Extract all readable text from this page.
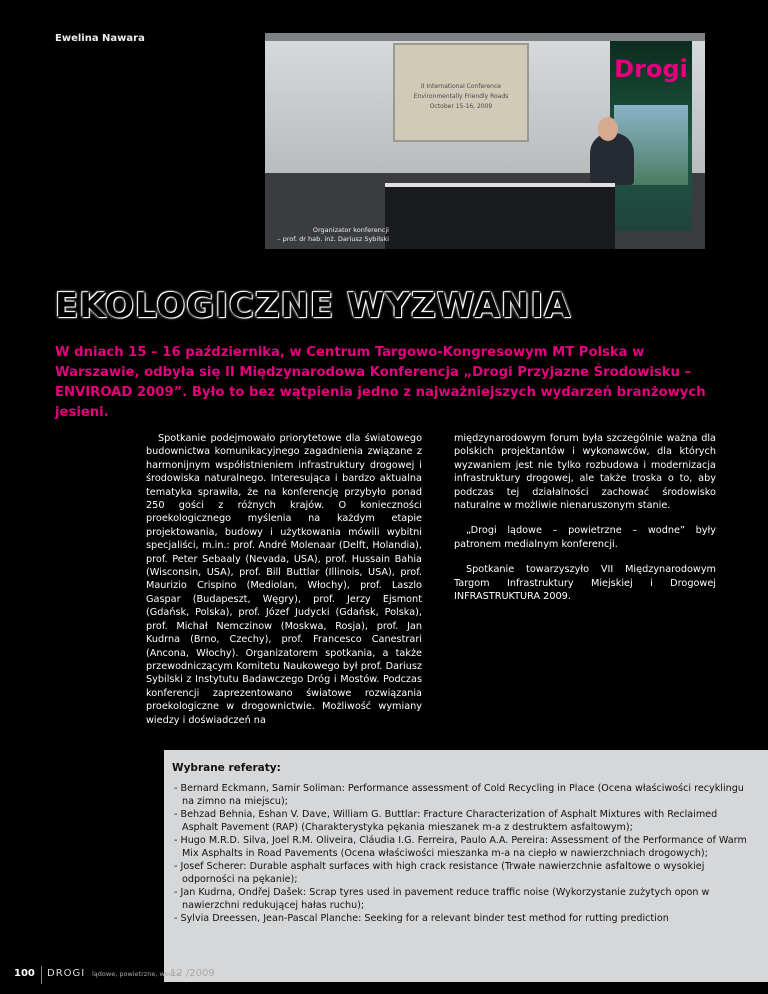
Ewelina Nawara
II International Conference
Environmentally Friendly Roads
October 15-16, 2009
Drogi
Organizator konferencji
– prof. dr hab. inż. Dariusz Sybilski
EKOLOGICZNE WYZWANIA

W dniach 15 – 16 października, w Centrum Targowo-Kongresowym MT Polska w Warszawie, odbyła się II Międzynarodowa Konferencja „Drogi Przyjazne Środowisku – ENVIROAD 2009”. Było to bez wątpienia jedno z najważniejszych wydarzeń branżowych jesieni.

Spotkanie podejmowało priorytetowe dla światowego budownictwa komunikacyjnego zagadnienia związane z harmonijnym współistnieniem infrastruktury drogowej i środowiska naturalnego. Interesująca i bardzo aktualna tematyka sprawiła, że na konferencję przybyło ponad 250 gości z różnych krajów. O konieczności proekologicznego myślenia na każdym etapie projektowania, budowy i użytkowania mówili wybitni specjaliści, m.in.: prof. André Molenaar (Delft, Holandia), prof. Peter Sebaaly (Nevada, USA), prof. Hussain Bahia (Wisconsin, USA), prof. Bill Buttlar (Illinois, USA), prof. Maurizio Crispino (Mediolan, Włochy), prof. Laszlo Gaspar (Budapeszt, Węgry), prof. Jerzy Ejsmont (Gdańsk, Polska), prof. Józef Judycki (Gdańsk, Polska), prof. Michał Nemczinow (Moskwa, Rosja), prof. Jan Kudrna (Brno, Czechy), prof. Francesco Canestrari (Ancona, Włochy). Organizatorem spotkania, a także przewodniczącym Komitetu Naukowego był prof. Dariusz Sybilski z Instytutu Badawczego Dróg i Mostów. Podczas konferencji zaprezentowano światowe rozwiązania proekologiczne w drogownictwie. Możliwość wymiany wiedzy i doświadczeń na

międzynarodowym forum była szczególnie ważna dla polskich projektantów i wykonawców, dla których wyzwaniem jest nie tylko rozbudowa i modernizacja infrastruktury drogowej, ale także troska o to, aby podczas tej działalności zachować środowisko naturalne w możliwie nienaruszonym stanie.

„Drogi lądowe – powietrzne – wodne” były patronem medialnym konferencji.

Spotkanie towarzyszyło VII Międzynarodowym Targom Infrastruktury Miejskiej i Drogowej INFRASTRUKTURA 2009.

Wybrane referaty:
- Bernard Eckmann, Samir Soliman: Performance assessment of Cold Recycling in Place (Ocena właściwości recyklingu na zimno na miejscu);
- Behzad Behnia, Eshan V. Dave, William G. Buttlar: Fracture Characterization of Asphalt Mixtures with Reclaimed Asphalt Pavement (RAP) (Charakterystyka pękania mieszanek m-a z destruktem asfaltowym);
- Hugo M.R.D. Silva, Joel R.M. Oliveira, Cláudia I.G. Ferreira, Paulo A.A. Pereira: Assessment of the Performance of Warm Mix Asphalts in Road Pavements (Ocena właściwości mieszanka m-a na ciepło w nawierzchniach drogowych);
- Josef Scherer: Durable asphalt surfaces with high crack resistance (Trwałe nawierzchnie asfaltowe o wysokiej odporności na pękanie);
- Jan Kudrna, Ondřej Dašek: Scrap tyres used in pavement reduce traffic noise (Wykorzystanie zużytych opon w nawierzchni redukującej hałas ruchu);
- Sylvia Dreessen, Jean-Pascal Planche: Seeking for a relevant binder test method for rutting prediction
100 DROGI lądowe, powietrzne, wodne
12 /2009
